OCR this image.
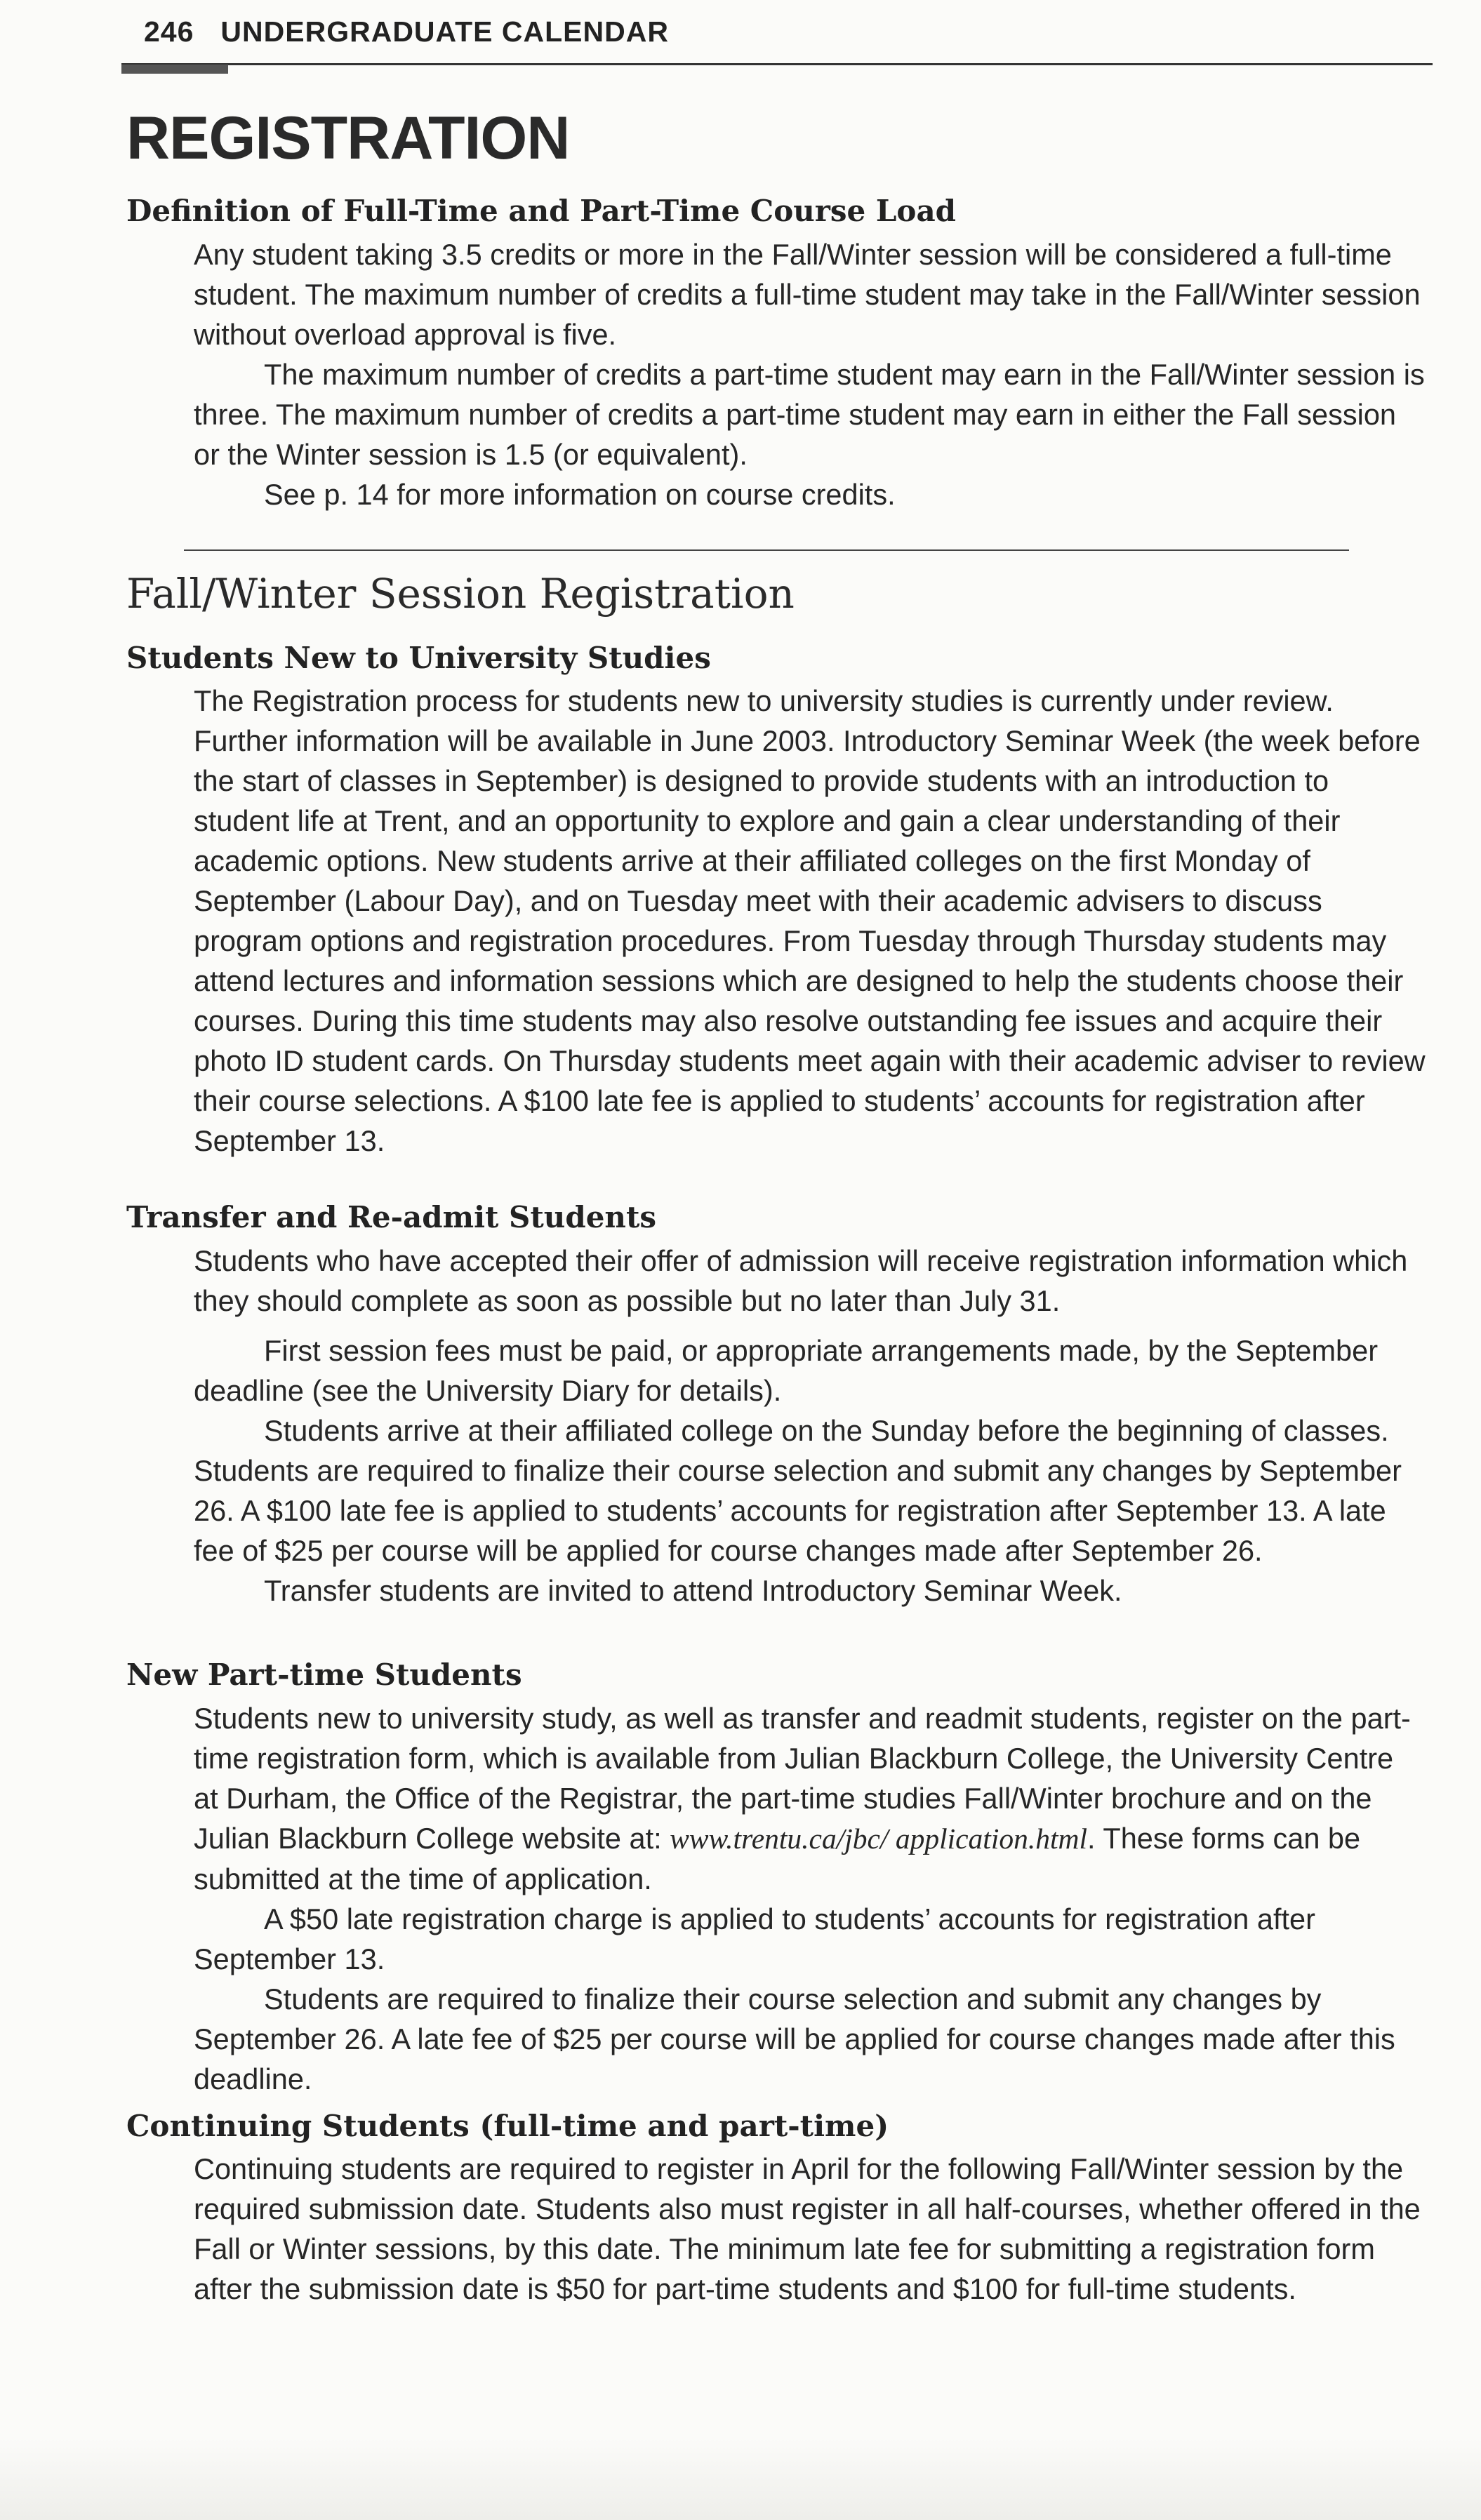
246 UNDERGRADUATE CALENDAR
REGISTRATION
Definition of Full-Time and Part-Time Course Load

Any student taking 3.5 credits or more in the Fall/Winter session will be considered a full-time student. The maximum number of credits a full-time student may take in the Fall/Winter session without overload approval is five.

The maximum number of credits a part-time student may earn in the Fall/Winter session is three. The maximum number of credits a part-time student may earn in either the Fall session or the Winter session is 1.5 (or equivalent).

See p. 14 for more information on course credits.

Fall/Winter Session Registration
Students New to University Studies

The Registration process for students new to university studies is currently under review. Further information will be available in June 2003. Introductory Seminar Week (the week before the start of classes in September) is designed to provide students with an introduction to student life at Trent, and an opportunity to explore and gain a clear understanding of their academic options. New students arrive at their affiliated colleges on the first Monday of September (Labour Day), and on Tuesday meet with their academic advisers to discuss program options and registration procedures. From Tuesday through Thursday students may attend lectures and information sessions which are designed to help the students choose their courses. During this time students may also resolve outstanding fee issues and acquire their photo ID student cards. On Thursday students meet again with their academic adviser to review their course selections. A $100 late fee is applied to students’ accounts for registration after September 13.

Transfer and Re-admit Students

Students who have accepted their offer of admission will receive registration information which they should complete as soon as possible but no later than July 31.

First session fees must be paid, or appropriate arrangements made, by the September deadline (see the University Diary for details).

Students arrive at their affiliated college on the Sunday before the beginning of classes. Students are required to finalize their course selection and submit any changes by September 26. A $100 late fee is applied to students’ accounts for registration after September 13. A late fee of $25 per course will be applied for course changes made after September 26.

Transfer students are invited to attend Introductory Seminar Week.

New Part-time Students

Students new to university study, as well as transfer and readmit students, register on the part-time registration form, which is available from Julian Blackburn College, the University Centre at Durham, the Office of the Registrar, the part-time studies Fall/Winter brochure and on the Julian Blackburn College website at: www.trentu.ca/jbc/ application.html. These forms can be submitted at the time of application.

A $50 late registration charge is applied to students’ accounts for registration after September 13.

Students are required to finalize their course selection and submit any changes by September 26. A late fee of $25 per course will be applied for course changes made after this deadline.

Continuing Students (full-time and part-time)

Continuing students are required to register in April for the following Fall/Winter session by the required submission date. Students also must register in all half-courses, whether offered in the Fall or Winter sessions, by this date. The minimum late fee for submitting a registration form after the submission date is $50 for part-time students and $100 for full-time students.
